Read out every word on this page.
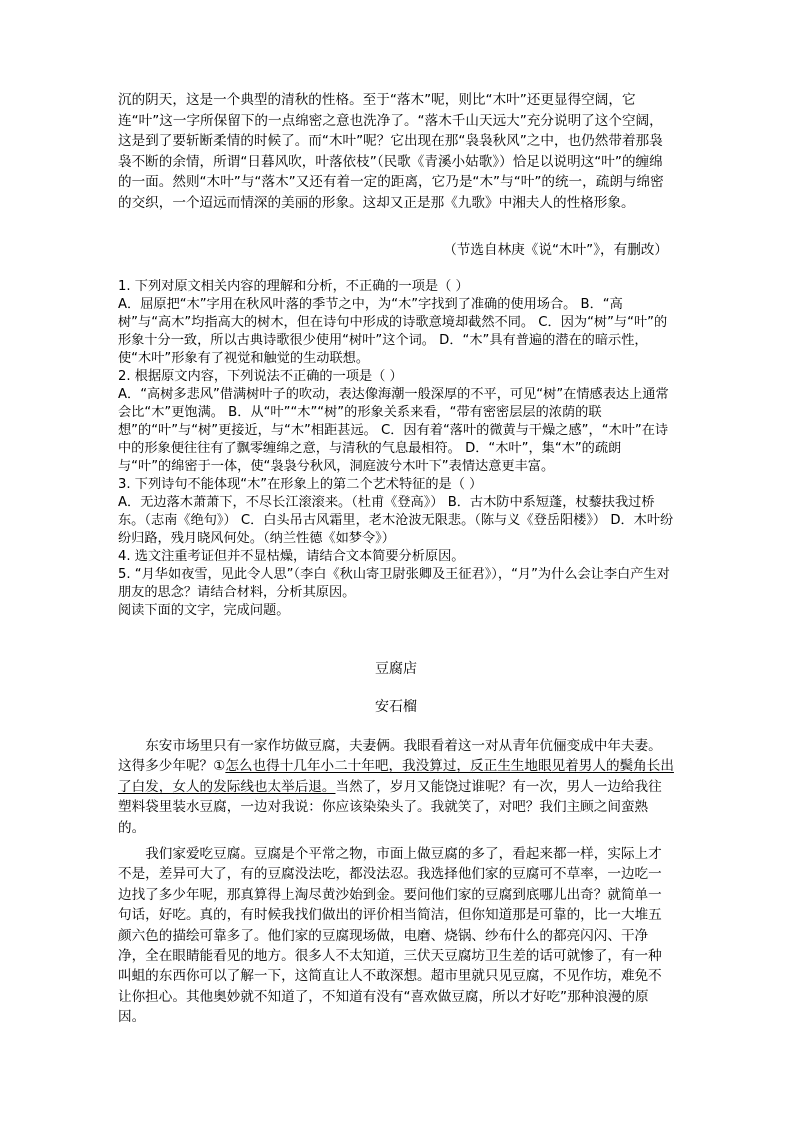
沉的阴天，这是一个典型的清秋的性格。至于“落木”呢，则比“木叶”还更显得空阔，它连“叶”这一字所保留下的一点绵密之意也洗净了。“落木千山天远大”充分说明了这个空阔，这是到了要斩断柔情的时候了。而“木叶”呢？它出现在那“袅袅秋风”之中，也仍然带着那袅袅不断的余情，所谓“日暮风吹，叶落依枝”（民歌《青溪小姑歌》）恰足以说明这“叶”的缠绵的一面。然则“木叶”与“落木”又还有着一定的距离，它乃是“木”与“叶”的统一，疏朗与绵密的交织，一个迢远而情深的美丽的形象。这却又正是那《九歌》中湘夫人的性格形象。

（节选自林庚《说“木叶”》，有删改）

1. 下列对原文相关内容的理解和分析，不正确的一项是（ ）

A．屈原把“木”字用在秋风叶落的季节之中，为“木”字找到了准确的使用场合。 B．“高树”与“高木”均指高大的树木，但在诗句中形成的诗歌意境却截然不同。 C．因为“树”与“叶”的形象十分一致，所以古典诗歌很少使用“树叶”这个词。 D．“木”具有普遍的潜在的暗示性，使“木叶”形象有了视觉和触觉的生动联想。

2. 根据原文内容，下列说法不正确的一项是（ ）

A．“高树多悲风”借满树叶子的吹动，表达像海潮一般深厚的不平，可见“树”在情感表达上通常会比“木”更饱满。 B．从“叶”“木”“树”的形象关系来看，“带有密密层层的浓荫的联想”的“叶”与“树”更接近，与“木”相距甚远。 C．因有着“落叶的微黄与干燥之感”，“木叶”在诗中的形象便往往有了飘零缠绵之意，与清秋的气息最相符。 D．“木叶”，集“木”的疏朗与“叶”的绵密于一体，使“袅袅兮秋风，洞庭波兮木叶下”表情达意更丰富。

3. 下列诗句不能体现“木”在形象上的第二个艺术特征的是（ ）

A．无边落木萧萧下，不尽长江滚滚来。（杜甫《登高》） B．古木防中系短蓬，杖藜扶我过桥东。（志南《绝句》） C．白头吊古风霜里，老木沧波无限悲。（陈与义《登岳阳楼》） D．木叶纷纷归路，残月晓风何处。（纳兰性德《如梦令》）

4. 选文注重考证但并不显枯燥，请结合文本简要分析原因。

5. “月华如夜雪，见此令人思”（李白《秋山寄卫尉张卿及王征君》），“月”为什么会让李白产生对朋友的思念？请结合材料，分析其原因。

阅读下面的文字，完成问题。

豆腐店
安石榴

东安市场里只有一家作坊做豆腐，夫妻俩。我眼看着这一对从青年伉俪变成中年夫妻。这得多少年呢？①怎么也得十几年小二十年吧，我没算过，反正生生地眼见着男人的鬓角长出了白发，女人的发际线也太举后退。当然了，岁月又能饶过谁呢？有一次，男人一边给我往塑料袋里装水豆腐，一边对我说：你应该染染头了。我就笑了，对吧？我们主顾之间蛮熟的。

我们家爱吃豆腐。豆腐是个平常之物，市面上做豆腐的多了，看起来都一样，实际上才不是，差异可大了，有的豆腐没法吃，都没法忍。我选择他们家的豆腐可不草率，一边吃一边找了多少年呢，那真算得上淘尽黄沙始到金。要问他们家的豆腐到底哪儿出奇？就简单一句话，好吃。真的，有时候我找们做出的评价相当简洁，但你知道那是可靠的，比一大堆五颜六色的描绘可靠多了。他们家的豆腐现场做，电磨、烧锅、纱布什么的都亮闪闪、干净净，全在眼睛能看见的地方。很多人不太知道，三伏天豆腐坊卫生差的话可就惨了，有一种叫蛆的东西你可以了解一下，这简直让人不敢深想。超市里就只见豆腐，不见作坊，难免不让你担心。其他奥妙就不知道了，不知道有没有“喜欢做豆腐，所以才好吃”那种浪漫的原因。
